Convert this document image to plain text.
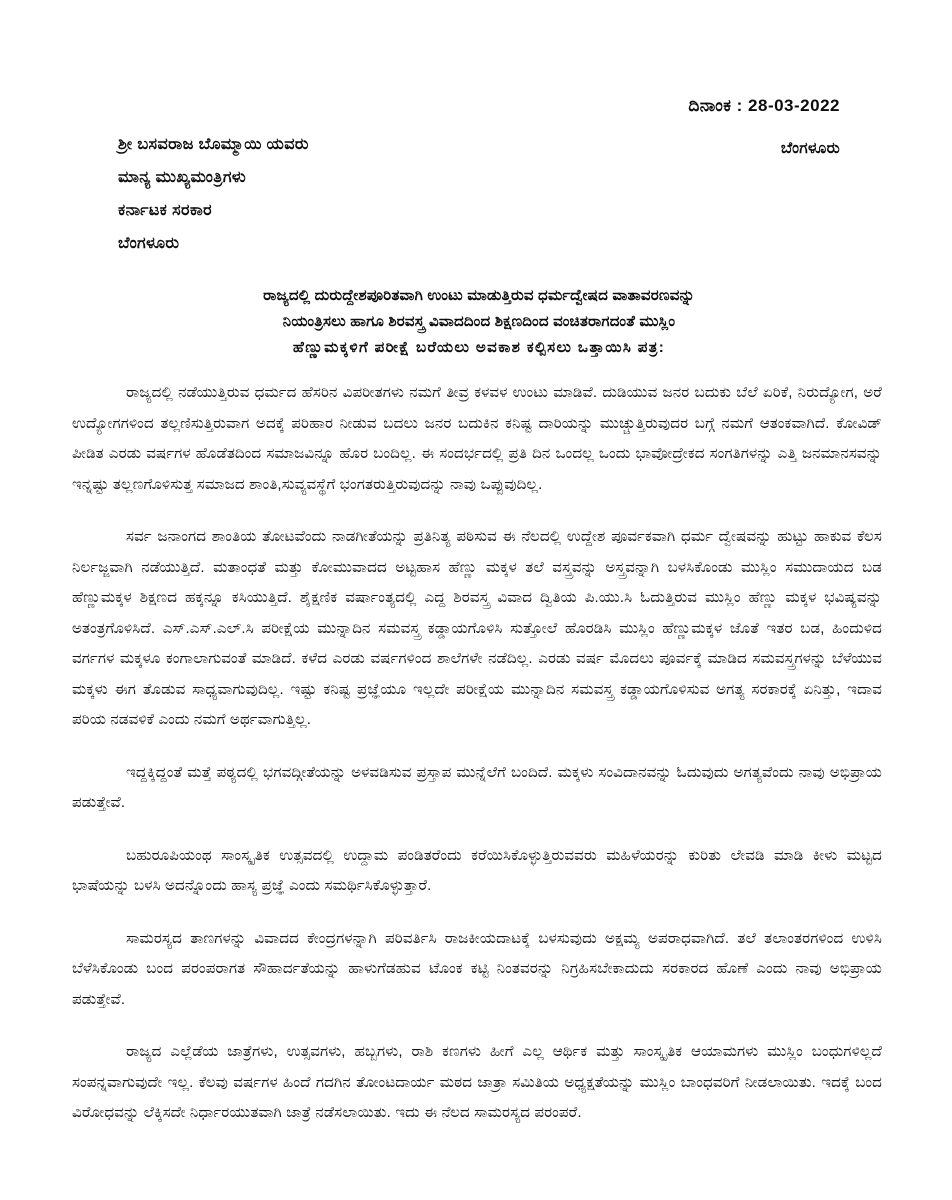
ದಿನಾಂಕ : 28-03-2022
ಬೆಂಗಳೂರು
ಶ್ರೀ ಬಸವರಾಜ ಬೊಮ್ಮಾಯಿ ಯವರು
ಮಾನ್ಯ ಮುಖ್ಯಮಂತ್ರಿಗಳು
ಕರ್ನಾಟಕ ಸರಕಾರ
ಬೆಂಗಳೂರು
ರಾಜ್ಯದಲ್ಲಿ ದುರುದ್ದೇಶಪೂರಿತವಾಗಿ ಉಂಟು ಮಾಡುತ್ತಿರುವ ಧರ್ಮದ್ವೇಷದ ವಾತಾವರಣವನ್ನು
ನಿಯಂತ್ರಿಸಲು ಹಾಗೂ ಶಿರವಸ್ತ್ರ ವಿವಾದದಿಂದ ಶಿಕ್ಷಣದಿಂದ ವಂಚಿತರಾಗದಂತೆ ಮುಸ್ಲಿಂ
ಹೆಣ್ಣುಮಕ್ಕಳಿಗೆ ಪರೀಕ್ಷೆ ಬರೆಯಲು ಅವಕಾಶ ಕಲ್ಪಿಸಲು ಒತ್ತಾಯಿಸಿ ಪತ್ರ:

ರಾಜ್ಯದಲ್ಲಿ ನಡೆಯುತ್ತಿರುವ ಧರ್ಮದ ಹೆಸರಿನ ವಿಪರೀತಗಳು ನಮಗೆ ತೀವ್ರ ಕಳವಳ ಉಂಟು ಮಾಡಿವೆ. ದುಡಿಯುವ ಜನರ ಬದುಕು ಬೆಲೆ ಏರಿಕೆ, ನಿರುದ್ಯೋಗ, ಅರೆ ಉದ್ಯೋಗಗಳಿಂದ ತಲ್ಲಣಿಸುತ್ತಿರುವಾಗ ಅದಕ್ಕೆ ಪರಿಹಾರ ನೀಡುವ ಬದಲು ಜನರ ಬದುಕಿನ ಕನಿಷ್ಟ ದಾರಿಯನ್ನು ಮುಚ್ಚುತ್ತಿರುವುದರ ಬಗ್ಗೆ ನಮಗೆ ಆತಂಕವಾಗಿದೆ. ಕೋವಿಡ್ ಪೀಡಿತ ಎರಡು ವರ್ಷಗಳ ಹೊಡೆತದಿಂದ ಸಮಾಜವಿನ್ನೂ ಹೊರ ಬಂದಿಲ್ಲ. ಈ ಸಂದರ್ಭದಲ್ಲಿ ಪ್ರತಿ ದಿನ ಒಂದಲ್ಲ ಒಂದು ಭಾವೋದ್ರೇಕದ ಸಂಗತಿಗಳನ್ನು ಎತ್ತಿ ಜನಮಾನಸವನ್ನು ಇನ್ನಷ್ಟು ತಲ್ಲಣಗೊಳಿಸುತ್ತ ಸಮಾಜದ ಶಾಂತಿ,ಸುವ್ಯವಸ್ಥೆಗೆ ಭಂಗತರುತ್ತಿರುವುದನ್ನು ನಾವು ಒಪ್ಪುವುದಿಲ್ಲ.

ಸರ್ವ ಜನಾಂಗದ ಶಾಂತಿಯ ತೋಟವೆಂದು ನಾಡಗೀತೆಯನ್ನು ಪ್ರತಿನಿತ್ಯ ಪಠಿಸುವ ಈ ನೆಲದಲ್ಲಿ ಉದ್ದೇಶ ಪೂರ್ವಕವಾಗಿ ಧರ್ಮ ದ್ವೇಷವನ್ನು ಹುಟ್ಟು ಹಾಕುವ ಕೆಲಸ ನಿರ್ಲಜ್ಜವಾಗಿ ನಡೆಯುತ್ತಿದೆ. ಮತಾಂಧತೆ ಮತ್ತು ಕೋಮುವಾದದ ಅಟ್ಟಹಾಸ ಹೆಣ್ಣು ಮಕ್ಕಳ ತಲೆ ವಸ್ತ್ರವನ್ನು ಅಸ್ತ್ರವನ್ನಾಗಿ ಬಳಸಿಕೊಂಡು ಮುಸ್ಲಿಂ ಸಮುದಾಯದ ಬಡ ಹೆಣ್ಣುಮಕ್ಕಳ ಶಿಕ್ಷಣದ ಹಕ್ಕನ್ನೂ ಕಸಿಯುತ್ತಿದೆ. ಶೈಕ್ಷಣಿಕ ವರ್ಷಾಂತ್ಯದಲ್ಲಿ ಎದ್ದ ಶಿರವಸ್ತ್ರ ವಿವಾದ ದ್ವಿತಿಯ ಪಿ.ಯು.ಸಿ ಓದುತ್ತಿರುವ ಮುಸ್ಲಿಂ ಹೆಣ್ಣು ಮಕ್ಕಳ ಭವಿಷ್ಯವನ್ನು ಅತಂತ್ರಗೊಳಿಸಿದೆ. ಎಸ್.ಎಸ್.ಎಲ್.ಸಿ ಪರೀಕ್ಷೆಯ ಮುನ್ನಾದಿನ ಸಮವಸ್ತ್ರ ಕಡ್ಡಾಯಗೊಳಿಸಿ ಸುತ್ತೋಲೆ ಹೊರಡಿಸಿ ಮುಸ್ಲಿಂ ಹೆಣ್ಣುಮಕ್ಕಳ ಜೊತೆ ಇತರ ಬಡ, ಹಿಂದುಳಿದ ವರ್ಗಗಳ ಮಕ್ಕಳೂ ಕಂಗಾಲಾಗುವಂತೆ ಮಾಡಿದೆ. ಕಳೆದ ಎರಡು ವರ್ಷಗಳಿಂದ ಶಾಲೆಗಳೇ ನಡೆದಿಲ್ಲ. ಎರಡು ವರ್ಷ ಮೊದಲು ಪೂರ್ವಕ್ಕೆ ಮಾಡಿದ ಸಮವಸ್ತ್ರಗಳನ್ನು ಬೆಳೆಯುವ ಮಕ್ಕಳು ಈಗ ತೊಡುವ ಸಾಧ್ಯವಾಗುವುದಿಲ್ಲ. ಇಷ್ಟು ಕನಿಷ್ಟ ಪ್ರಜ್ಞೆಯೂ ಇಲ್ಲದೇ ಪರೀಕ್ಷೆಯ ಮುನ್ನಾದಿನ ಸಮವಸ್ತ್ರ ಕಡ್ಡಾಯಗೊಳಿಸುವ ಅಗತ್ಯ ಸರಕಾರಕ್ಕೆ ಏನಿತ್ತು, ಇದಾವ ಪರಿಯ ನಡವಳಿಕೆ ಎಂದು ನಮಗೆ ಅರ್ಥವಾಗುತ್ತಿಲ್ಲ.

ಇದ್ದಕ್ಕಿದ್ದಂತೆ ಮತ್ತೆ ಪಠ್ಯದಲ್ಲಿ ಭಗವದ್ಗೀತೆಯನ್ನು ಅಳವಡಿಸುವ ಪ್ರಸ್ತಾಪ ಮುನ್ನೆಲೆಗೆ ಬಂದಿದೆ. ಮಕ್ಕಳು ಸಂವಿದಾನವನ್ನು ಓದುವುದು ಅಗತ್ಯವೆಂದು ನಾವು ಅಭಿಪ್ರಾಯ ಪಡುತ್ತೇವೆ.

ಬಹುರೂಪಿಯಂಥ ಸಾಂಸ್ಕೃತಿಕ ಉತ್ಸವದಲ್ಲಿ ಉದ್ದಾಮ ಪಂಡಿತರೆಂದು ಕರೆಯಿಸಿಕೊಳ್ಳುತ್ತಿರುವವರು ಮಹಿಳೆಯರನ್ನು ಕುರಿತು ಲೇವಡಿ ಮಾಡಿ ಕೀಳು ಮಟ್ಟದ ಭಾಷೆಯನ್ನು ಬಳಸಿ ಅದನ್ನೊಂದು ಹಾಸ್ಯ ಪ್ರಜ್ಞೆ ಎಂದು ಸಮರ್ಥಿಸಿಕೊಳ್ಳುತ್ತಾರೆ.

ಸಾಮರಸ್ಯದ ತಾಣಗಳನ್ನು ವಿವಾದದ ಕೇಂದ್ರಗಳನ್ನಾಗಿ ಪರಿವರ್ತಿಸಿ ರಾಜಕೀಯದಾಟಕ್ಕೆ ಬಳಸುವುದು ಅಕ್ಷಮ್ಯ ಅಪರಾಧವಾಗಿದೆ. ತಲೆ ತಲಾಂತರಗಳಿಂದ ಉಳಿಸಿ ಬೆಳೆಸಿಕೊಂಡು ಬಂದ ಪರಂಪರಾಗತ ಸೌಹಾರ್ದತೆಯನ್ನು ಹಾಳುಗೆಡಹುವ ಟೊಂಕ ಕಟ್ಟಿ ನಿಂತವರನ್ನು ನಿಗ್ರಹಿಸಬೇಕಾದುದು ಸರಕಾರದ ಹೊಣೆ ಎಂದು ನಾವು ಅಭಿಪ್ರಾಯ ಪಡುತ್ತೇವೆ.

ರಾಜ್ಯದ ಎಲ್ಲೆಡೆಯ ಜಾತ್ರೆಗಳು, ಉತ್ಸವಗಳು, ಹಬ್ಬಗಳು, ರಾಶಿ ಕಣಗಳು ಹೀಗೆ ಎಲ್ಲ ಆರ್ಥಿಕ ಮತ್ತು ಸಾಂಸ್ಕೃತಿಕ ಆಯಾಮಗಳು ಮುಸ್ಲಿಂ ಬಂಧುಗಳಿಲ್ಲದೆ ಸಂಪನ್ನವಾಗುವುದೇ ಇಲ್ಲ. ಕೆಲವು ವರ್ಷಗಳ ಹಿಂದೆ ಗದಗಿನ ತೋಂಟದಾರ್ಯ ಮಠದ ಜಾತ್ರಾ ಸಮಿತಿಯ ಅಧ್ಯಕ್ಷತೆಯನ್ನು ಮುಸ್ಲಿಂ ಬಾಂಧವರಿಗೆ ನೀಡಲಾಯಿತು. ಇದಕ್ಕೆ ಬಂದ ವಿರೋಧವನ್ನು ಲೆಕ್ಕಿಸದೇ ನಿರ್ಧಾರಯುತವಾಗಿ ಜಾತ್ರೆ ನಡೆಸಲಾಯಿತು. ಇದು ಈ ನೆಲದ ಸಾಮರಸ್ಯದ ಪರಂಪರೆ.
